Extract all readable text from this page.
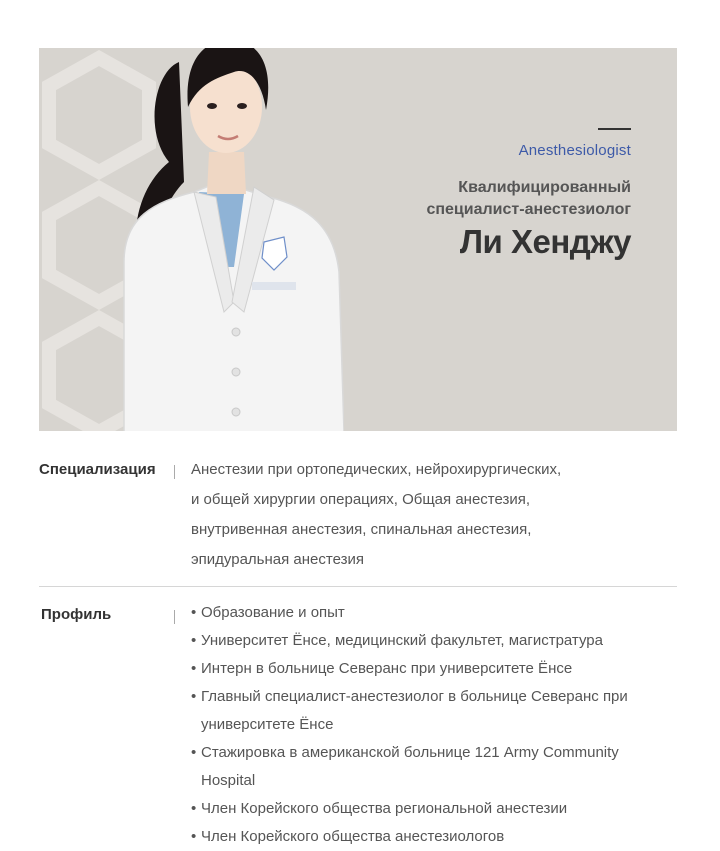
Anesthesiologist
Квалифицированный
специалист-анестезиолог
Ли Хенджу
Специализация Анестезии при ортопедических, нейрохирургических,
и общей хирургии операциях, Общая анестезия,
внутривенная анестезия, спинальная анестезия,
эпидуральная анестезия
Профиль
•	Образование и опыт
• Университет Ёнсе, медицинский факультет, магистратура
• Интерн в больнице Северанс при университете Ёнсе
• Главный специалист-анестезиолог в больнице Северанс при университете Ёнсе
• Стажировка в американской больнице 121 Army Community Hospital
• Член Корейского общества региональной анестезии
• Член Корейского общества анестезиологов
